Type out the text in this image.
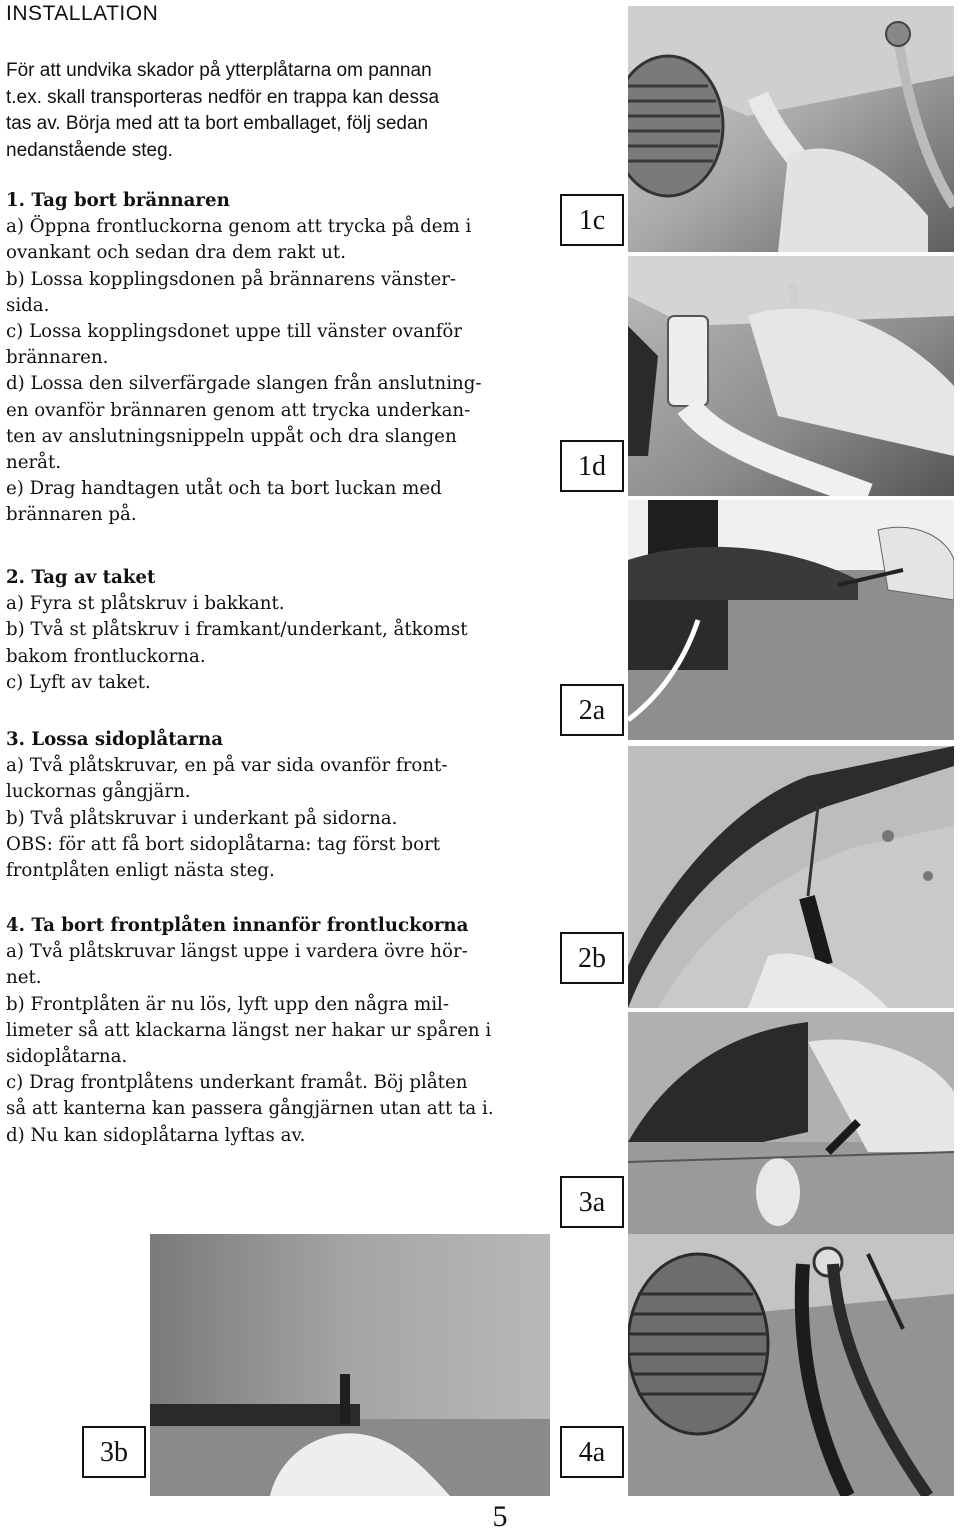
INSTALLATION
För att undvika skador på ytterplåtarna om pannan
t.ex. skall transporteras nedför en trappa kan dessa
tas av. Börja med att ta bort emballaget, följ sedan
nedanstående steg.
1. Tag bort brännaren
a) Öppna frontluckorna genom att trycka på dem i
ovankant och sedan dra dem rakt ut.
b) Lossa kopplingsdonen på brännarens vänster-
sida.
c) Lossa kopplingsdonet uppe till vänster ovanför
brännaren.
d) Lossa den silverfärgade slangen från anslutning-
en ovanför brännaren genom att trycka underkan-
ten av anslutningsnippeln uppåt och dra slangen
neråt.
e) Drag handtagen utåt och ta bort luckan med
brännaren på.
2. Tag av taket
a) Fyra st plåtskruv i bakkant.
b) Två st plåtskruv i framkant/underkant, åtkomst
bakom frontluckorna.
c) Lyft av taket.
3. Lossa sidoplåtarna
a) Två plåtskruvar, en på var sida ovanför front-
luckornas gångjärn.
b) Två plåtskruvar i underkant på sidorna.
OBS: för att få bort sidoplåtarna: tag först bort
frontplåten enligt nästa steg.
4. Ta bort frontplåten innanför frontluckorna
a) Två plåtskruvar längst uppe i vardera övre hör-
net.
b) Frontplåten är nu lös, lyft upp den några mil-
limeter så att klackarna längst ner hakar ur spåren i
sidoplåtarna.
c) Drag frontplåtens underkant framåt. Böj plåten
så att kanterna kan passera gångjärnen utan att ta i.
d) Nu kan sidoplåtarna lyftas av.
1c
1d
2a
2b
3a
3b	4a
5
